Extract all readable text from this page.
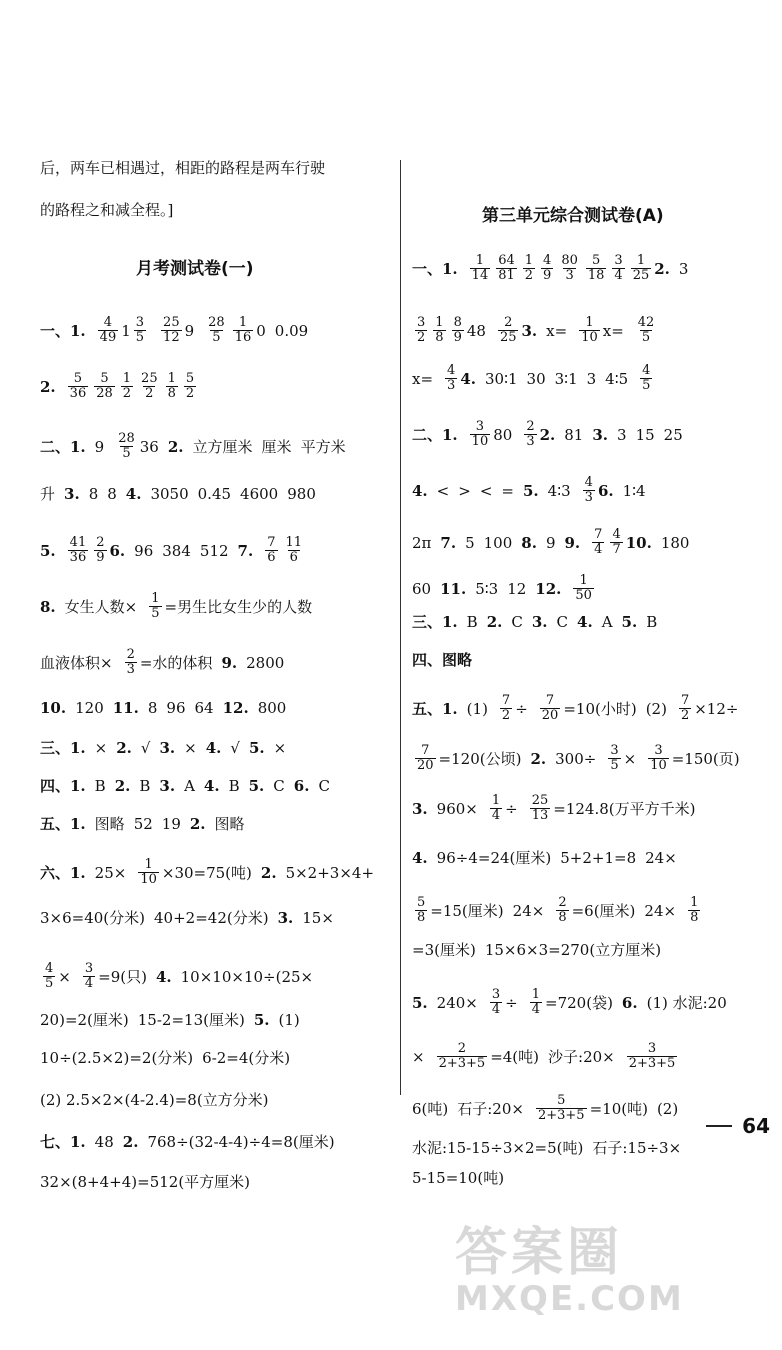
后，两车已相遇过，相距的路程是两车行驶
的路程之和减全程。]
月考测试卷(一)
一、1. $\frac{4}{49} 1 \frac{3}{5} \frac{25}{12} 9 \frac{28}{5} \frac{1}{16} 0$ 0.09
2. $\frac{5}{36} \frac{5}{28} \frac{1}{2} \frac{25}{2} \frac{1}{8} \frac{5}{2}$
二、1. $9 \frac{28}{5} 36$ 2. 立方厘米 厘米 平方米
升 3. 8 8 4. 3050 0.45 4600 980
5. $\frac{41}{36} \frac{2}{9} 6$. 96 384 512 7. $\frac{7}{6} \frac{11}{6}$
8. 女生人数× $\frac{1}{5}$ =男生比女生少的人数
血液体积× $\frac{2}{3}$ =水的体积 9. 2800
10. 120 11. 8 96 64 12. 800
三、1. × 2. √ 3. × 4. √ 5. ×
四、1. B 2. B 3. A 4. B 5. C 6. C
五、1. 图略 52 19 2. 图略
六、1. $25\times \frac{1}{10} \times 30=75$(吨) 2. 5×2+3×4+
3×6=40(分米) 40+2=42(分米) 3. 15×
$\frac{4}{5} \times \frac{3}{4} =9$(只) 4. 10×10×10÷(25×
20)=2(厘米) 15-2=13(厘米) 5. (1)
10÷(2.5×2)=2(分米) 6-2=4(分米)
(2) 2.5×2×(4-2.4)=8(立方分米)
七、1. 48 2. 768÷(32-4-4)÷4=8(厘米)
32×(8+4+4)=512(平方厘米)
第三单元综合测试卷(A)
一、1. $\frac{1}{14} \frac{64}{81} \frac{1}{2} \frac{4}{9} \frac{80}{3} \frac{5}{18} \frac{3}{4} \frac{1}{25} 2$. 3
$\frac{3}{2} \frac{1}{8} \frac{8}{9} 48 \frac{2}{25} 3$. $x= \frac{1}{10} x= \frac{42}{5}$
$x= \frac{4}{3} 4$. 30∶1 30 3∶1 3 4∶5 $\frac{4}{5}$
二、1. $\frac{3}{10} 80 \frac{2}{3} 2$. 81 3. 3 15 25
4. < > < = 5. 4∶3 $\frac{4}{3} 6$. 1∶4
2π 7. 5 100 8. 9 9. $\frac{7}{4} \frac{4}{7} 10$. 180
60 11. 5∶3 12 12. $\frac{1}{50}$
三、1. B 2. C 3. C 4. A 5. B
四、图略
五、1. $(1) \frac{7}{2} \div \frac{7}{20} =10$(小时) $(2) \frac{7}{2} \times 12\div$
$\frac{7}{20} =120$(公顷) 2. $300\div \frac{3}{5} \times \frac{3}{10} =150$(页)
3. $960\times \frac{1}{4} \div \frac{25}{13} =124.8$(万平方千米)
4. 96÷4=24(厘米) 5+2+1=8 24×
$\frac{5}{8} =15$(厘米) $24\times \frac{2}{8} =6$(厘米) $24\times \frac{1}{8}$
=3(厘米) 15×6×3=270(立方厘米)
5. $240\times \frac{3}{4} \div \frac{1}{4} =720$(袋) 6. (1) 水泥:20
× $\frac{2}{2+3+5} =4$(吨) 沙子:20× $\frac{3}{2+3+5}$
6(吨) 石子:20× $\frac{5}{2+3+5} =10$(吨) (2)
水泥:15-15÷3×2=5(吨) 石子:15÷3×
5-15=10(吨)
64
答案圈
MXQE.COM
